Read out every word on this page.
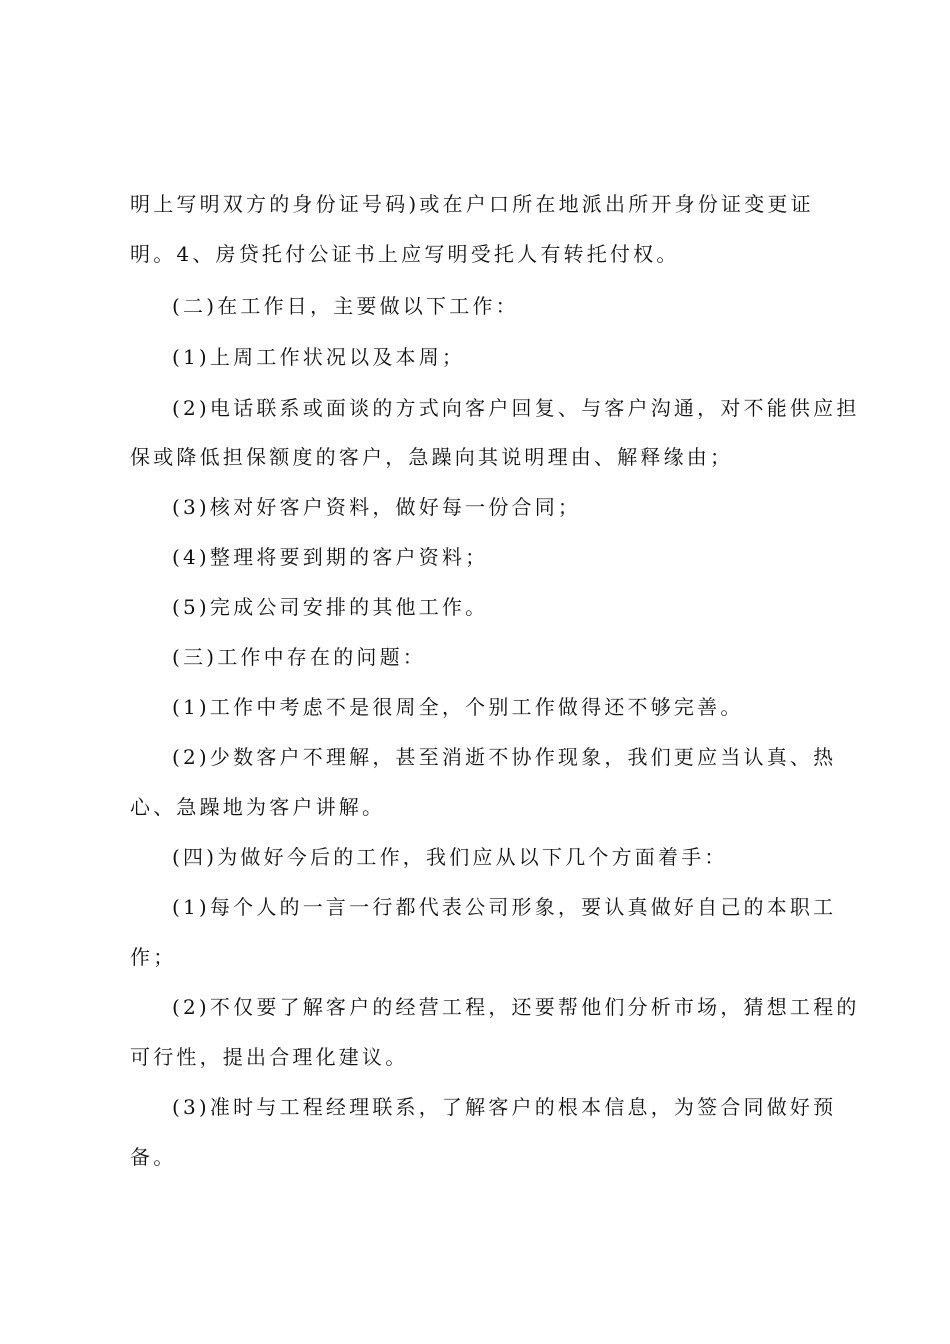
明上写明双方的身份证号码)或在户口所在地派出所开身份证变更证
明。4、房贷托付公证书上应写明受托人有转托付权。
(二)在工作日，主要做以下工作：
(1)上周工作状况以及本周；
(2)电话联系或面谈的方式向客户回复、与客户沟通，对不能供应担
保或降低担保额度的客户，急躁向其说明理由、解释缘由；
(3)核对好客户资料，做好每一份合同；
(4)整理将要到期的客户资料；
(5)完成公司安排的其他工作。
(三)工作中存在的问题：
(1)工作中考虑不是很周全，个别工作做得还不够完善。
(2)少数客户不理解，甚至消逝不协作现象，我们更应当认真、热
心、急躁地为客户讲解。
(四)为做好今后的工作，我们应从以下几个方面着手：
(1)每个人的一言一行都代表公司形象，要认真做好自己的本职工
作；
(2)不仅要了解客户的经营工程，还要帮他们分析市场，猜想工程的
可行性，提出合理化建议。
(3)准时与工程经理联系，了解客户的根本信息，为签合同做好预
备。
